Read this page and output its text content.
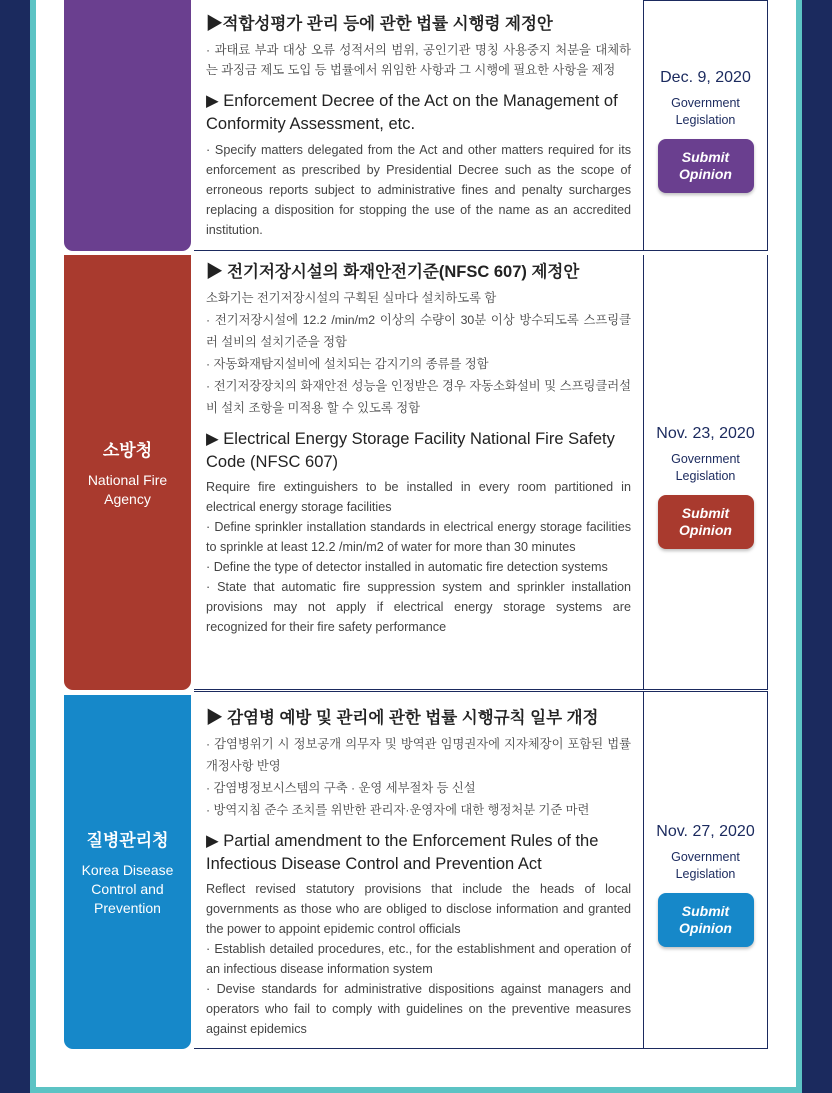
▶적합성평가 관리 등에 관한 법률 시행령 제정안

· 과태료 부과 대상 오류 성적서의 범위, 공인기관 명칭 사용중지 처분을 대체하는 과징금 제도 도입 등 법률에서 위임한 사항과 그 시행에 필요한 사항을 제정

▶ Enforcement Decree of the Act on the Management of Conformity Assessment, etc.

· Specify matters delegated from the Act and other matters required for its enforcement as prescribed by Presidential Decree such as the scope of erroneous reports subject to administrative fines and penalty surcharges replacing a disposition for stopping the use of the name as an accredited institution.

Dec. 9, 2020
Government Legislation
Submit
Opinion
소방청
National Fire Agency

▶ 전기저장시설의 화재안전기준(NFSC 607) 제정안

소화기는 전기저장시설의 구획된 실마다 설치하도록 함

· 전기저장시설에 12.2 /min/m2 이상의 수량이 30분 이상 방수되도록 스프링클러 설비의 설치기준을 정함

· 자동화재탐지설비에 설치되는 감지기의 종류를 정함

· 전기저장장치의 화재안전 성능을 인정받은 경우 자동소화설비 및 스프링클러설비 설치 조항을 미적용 할 수 있도록 정함

▶ Electrical Energy Storage Facility National Fire Safety Code (NFSC 607)

Require fire extinguishers to be installed in every room partitioned in electrical energy storage facilities

· Define sprinkler installation standards in electrical energy storage facilities to sprinkle at least 12.2 /min/m2 of water for more than 30 minutes

· Define the type of detector installed in automatic fire detection systems

· State that automatic fire suppression system and sprinkler installation provisions may not apply if electrical energy storage systems are recognized for their fire safety performance

Nov. 23, 2020
Government Legislation
Submit
Opinion
질병관리청
Korea Disease Control and Prevention

▶ 감염병 예방 및 관리에 관한 법률 시행규칙 일부 개정

· 감염병위기 시 정보공개 의무자 및 방역관 임명권자에 지자체장이 포함된 법률 개정사항 반영

· 감염병정보시스템의 구축 · 운영 세부절차 등 신설

· 방역지침 준수 조치를 위반한 관리자·운영자에 대한 행정처분 기준 마련

▶ Partial amendment to the Enforcement Rules of the Infectious Disease Control and Prevention Act

Reflect revised statutory provisions that include the heads of local governments as those who are obliged to disclose information and granted the power to appoint epidemic control officials

· Establish detailed procedures, etc., for the establishment and operation of an infectious disease information system

· Devise standards for administrative dispositions against managers and operators who fail to comply with guidelines on the preventive measures against epidemics

Nov. 27, 2020
Government Legislation
Submit
Opinion
